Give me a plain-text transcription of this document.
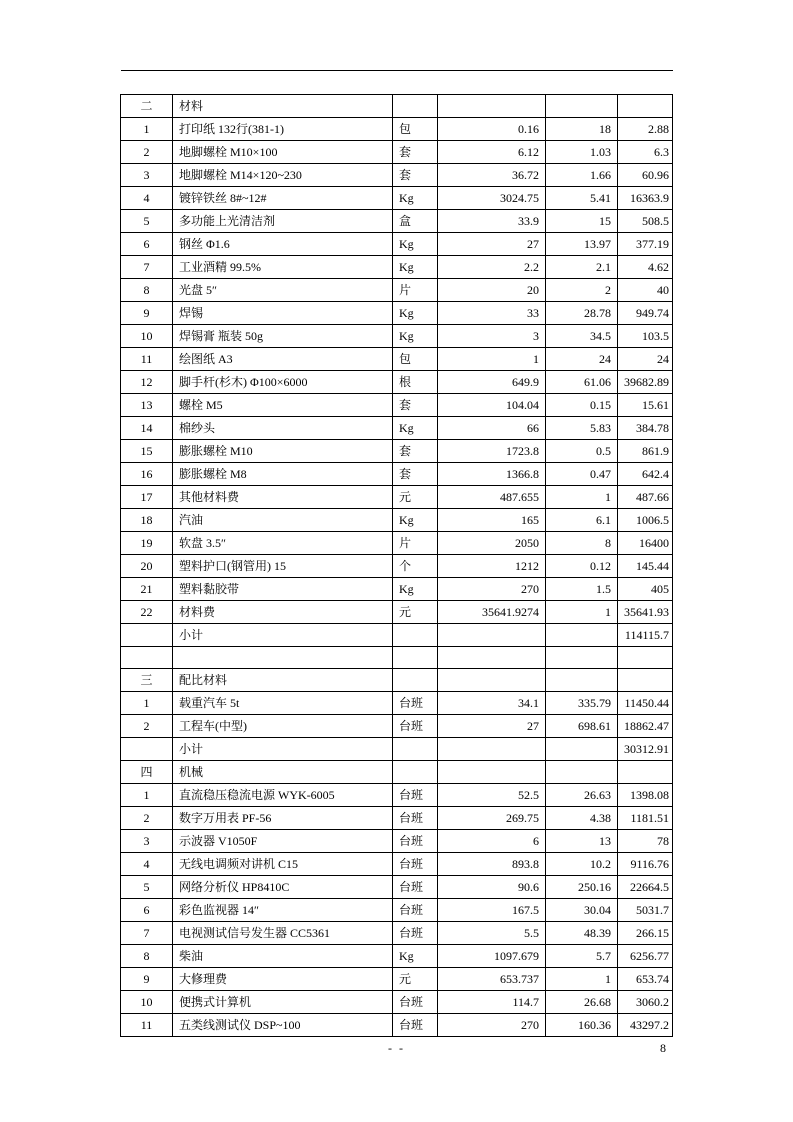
二	材料				
1	打印纸 132行(381-1)	包	0.16	18	2.88
2	地脚螺栓 M10×100	套	6.12	1.03	6.3
3	地脚螺栓 M14×120~230	套	36.72	1.66	60.96
4	镀锌铁丝 8#~12#	Kg	3024.75	5.41	16363.9
5	多功能上光清洁剂	盒	33.9	15	508.5
6	钢丝 Φ1.6	Kg	27	13.97	377.19
7	工业酒精 99.5%	Kg	2.2	2.1	4.62
8	光盘 5″	片	20	2	40
9	焊锡	Kg	33	28.78	949.74
10	焊锡膏 瓶装 50g	Kg	3	34.5	103.5
11	绘图纸 A3	包	1	24	24
12	脚手杆(杉木) Φ100×6000	根	649.9	61.06	39682.89
13	螺栓 M5	套	104.04	0.15	15.61
14	棉纱头	Kg	66	5.83	384.78
15	膨胀螺栓 M10	套	1723.8	0.5	861.9
16	膨胀螺栓 M8	套	1366.8	0.47	642.4
17	其他材料费	元	487.655	1	487.66
18	汽油	Kg	165	6.1	1006.5
19	软盘 3.5″	片	2050	8	16400
20	塑料护口(钢管用) 15	个	1212	0.12	145.44
21	塑料黏胶带	Kg	270	1.5	405
22	材料费	元	35641.9274	1	35641.93
	小计				114115.7

三	配比材料				
1	载重汽车 5t	台班	34.1	335.79	11450.44
2	工程车(中型)	台班	27	698.61	18862.47
	小计				30312.91
四	机械				
1	直流稳压稳流电源 WYK-6005	台班	52.5	26.63	1398.08
2	数字万用表 PF-56	台班	269.75	4.38	1181.51
3	示波器 V1050F	台班	6	13	78
4	无线电调频对讲机 C15	台班	893.8	10.2	9116.76
5	网络分析仪 HP8410C	台班	90.6	250.16	22664.5
6	彩色监视器 14″	台班	167.5	30.04	5031.7
7	电视测试信号发生器 CC5361	台班	5.5	48.39	266.15
8	柴油	Kg	1097.679	5.7	6256.77
9	大修理费	元	653.737	1	653.74
10	便携式计算机	台班	114.7	26.68	3060.2
11	五类线测试仪 DSP~100	台班	270	160.36	43297.2
- -	8
